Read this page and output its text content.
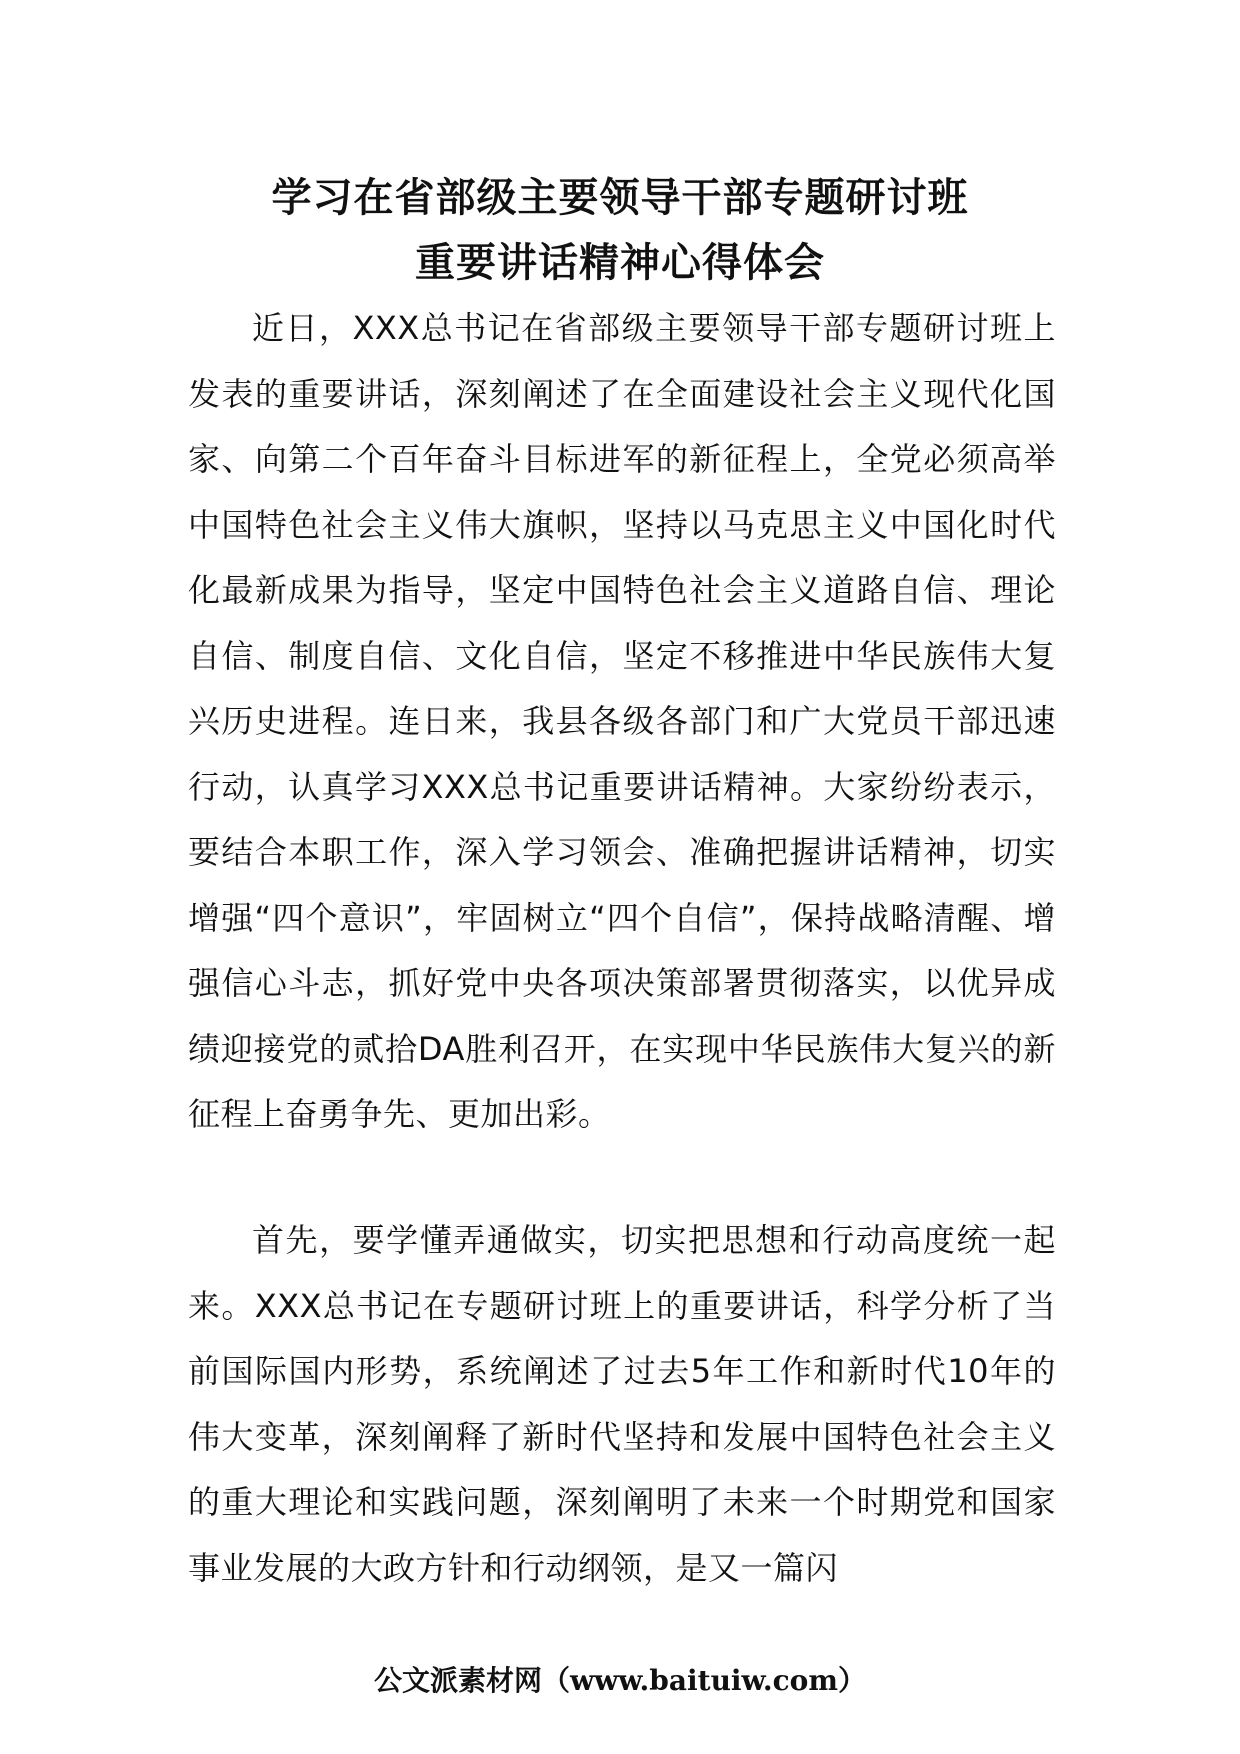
学习在省部级主要领导干部专题研讨班
重要讲话精神心得体会

近日，XXX总书记在省部级主要领导干部专题研讨班上发表的重要讲话，深刻阐述了在全面建设社会主义现代化国家、向第二个百年奋斗目标进军的新征程上，全党必须高举中国特色社会主义伟大旗帜，坚持以马克思主义中国化时代化最新成果为指导，坚定中国特色社会主义道路自信、理论自信、制度自信、文化自信，坚定不移推进中华民族伟大复兴历史进程。连日来，我县各级各部门和广大党员干部迅速行动，认真学习XXX总书记重要讲话精神。大家纷纷表示，要结合本职工作，深入学习领会、准确把握讲话精神，切实增强“四个意识”，牢固树立“四个自信”，保持战略清醒、增强信心斗志，抓好党中央各项决策部署贯彻落实，以优异成绩迎接党的贰拾DA胜利召开，在实现中华民族伟大复兴的新征程上奋勇争先、更加出彩。

首先，要学懂弄通做实，切实把思想和行动高度统一起来。XXX总书记在专题研讨班上的重要讲话，科学分析了当前国际国内形势，系统阐述了过去5年工作和新时代10年的伟大变革，深刻阐释了新时代坚持和发展中国特色社会主义的重大理论和实践问题，深刻阐明了未来一个时期党和国家事业发展的大政方针和行动纲领，是又一篇闪

公文派素材网（www.baituiw.com）
